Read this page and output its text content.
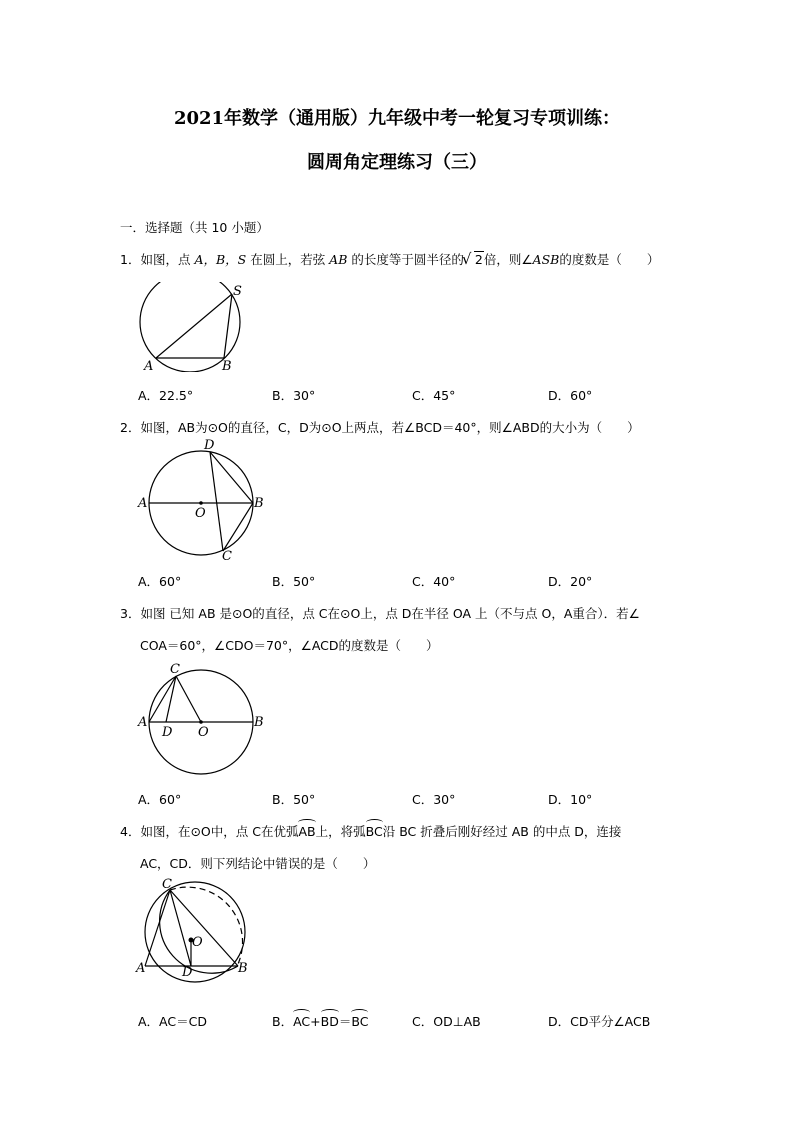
2021年数学（通用版）九年级中考一轮复习专项训练：
圆周角定理练习（三）
一．选择题（共 10 小题）
1．如图，点 A，B，S 在圆上，若弦 AB 的长度等于圆半径的√ 2倍，则∠ASB的度数是（　　）
S
A	B
A．22.5°	B．30°	C．45°	D．60°
2．如图，AB为⊙O的直径，C，D为⊙O上两点，若∠BCD＝40°，则∠ABD的大小为（　　）
D
A
O
B
C
A．60°	B．50°	C．40°	D．20°
3．如图 已知 AB 是⊙O的直径，点 C在⊙O上，点 D在半径 OA 上（不与点 O，A重合）．若∠
COA＝60°，∠CDO＝70°，∠ACD的度数是（　　）
C
A
D O
B
A．60°	B．50°	C．30°	D．10°
4．如图，在⊙O中，点 C在优弧AB上，将弧BC沿 BC 折叠后刚好经过 AB 的中点 D，连接
AC，CD．则下列结论中错误的是（　　）
C
O
A	D	B
A．AC＝CD	B．AC+BD＝BC	C．OD⊥AB	D．CD平分∠ACB
